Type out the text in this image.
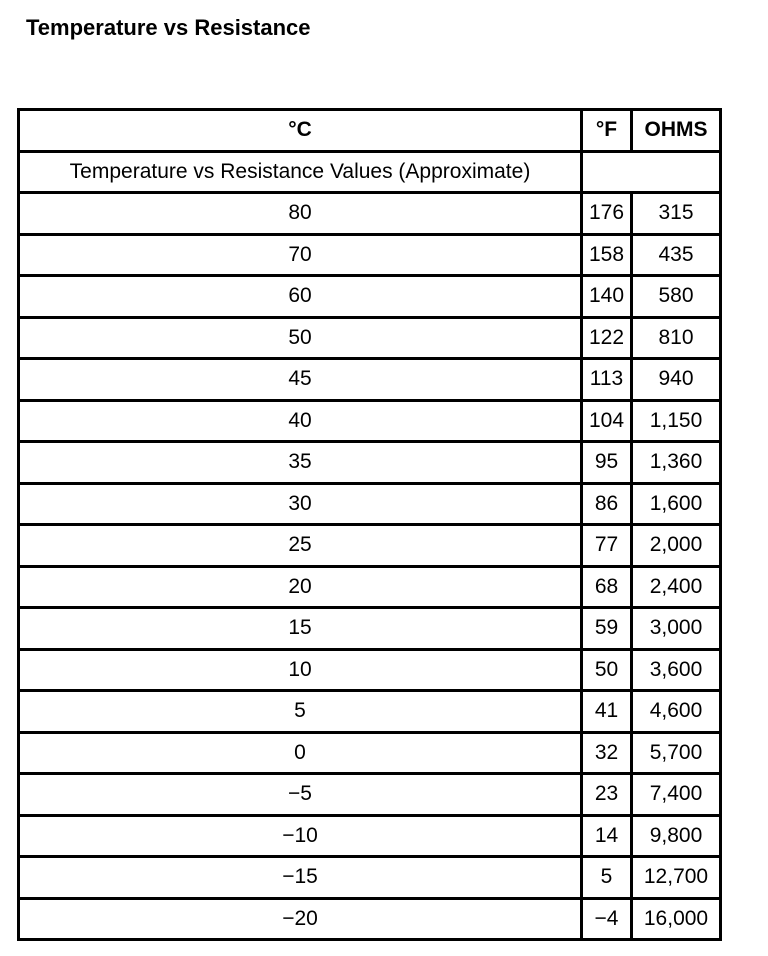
Temperature vs Resistance
°C	°F	OHMS
Temperature vs Resistance Values (Approximate)		
80	176	315
70	158	435
60	140	580
50	122	810
45	113	940
40	104	1,150
35	95	1,360
30	86	1,600
25	77	2,000
20	68	2,400
15	59	3,000
10	50	3,600
5	41	4,600
0	32	5,700
−5	23	7,400
−10	14	9,800
−15	5	12,700
−20	−4	16,000
